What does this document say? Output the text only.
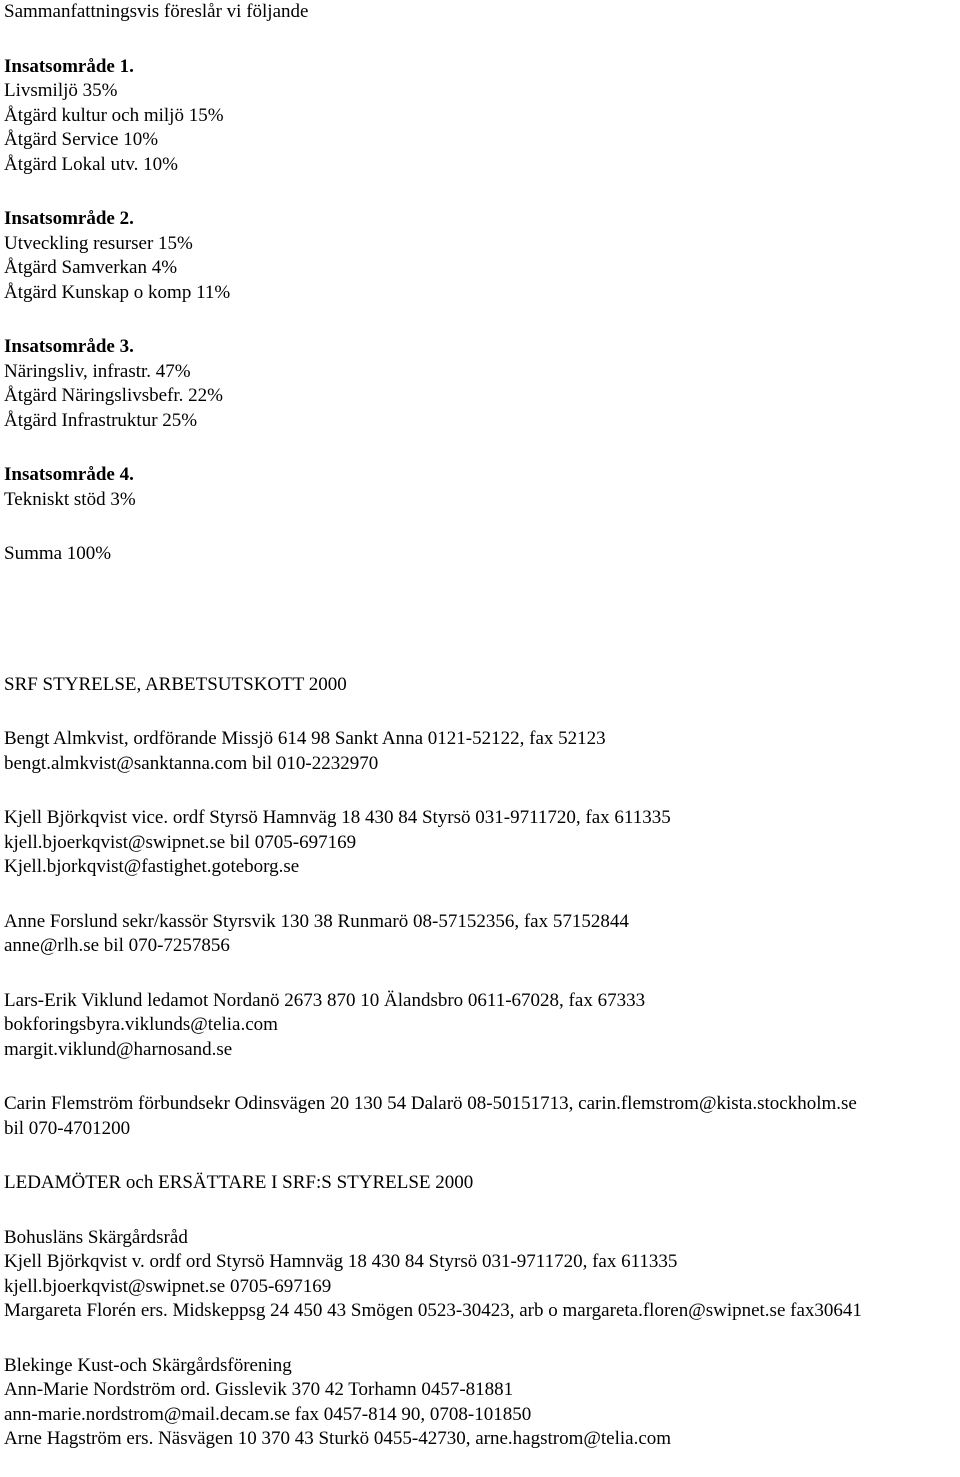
Sammanfattningsvis föreslår vi följande
Insatsområde 1.
Livsmiljö 35%
Åtgärd kultur och miljö 15%
Åtgärd Service 10%
Åtgärd Lokal utv. 10%
Insatsområde 2.
Utveckling resurser 15%
Åtgärd Samverkan 4%
Åtgärd Kunskap o komp 11%
Insatsområde 3.
Näringsliv, infrastr. 47%
Åtgärd Näringslivsbefr. 22%
Åtgärd Infrastruktur 25%
Insatsområde 4.
Tekniskt stöd 3%
Summa 100%
SRF STYRELSE, ARBETSUTSKOTT 2000
Bengt Almkvist, ordförande Missjö 614 98 Sankt Anna 0121-52122, fax 52123
bengt.almkvist@sanktanna.com bil 010-2232970
Kjell Björkqvist vice. ordf Styrsö Hamnväg 18 430 84 Styrsö 031-9711720, fax 611335
kjell.bjoerkqvist@swipnet.se bil 0705-697169
Kjell.bjorkqvist@fastighet.goteborg.se
Anne Forslund sekr/kassör Styrsvik 130 38 Runmarö 08-57152356, fax 57152844
anne@rlh.se bil 070-7257856
Lars-Erik Viklund ledamot Nordanö 2673 870 10 Älandsbro 0611-67028, fax 67333
bokforingsbyra.viklunds@telia.com
margit.viklund@harnosand.se
Carin Flemström förbundsekr Odinsvägen 20 130 54 Dalarö 08-50151713, carin.flemstrom@kista.stockholm.se
bil 070-4701200
LEDAMÖTER och ERSÄTTARE I SRF:S STYRELSE 2000
Bohusläns Skärgårdsråd
Kjell Björkqvist v. ordf ord Styrsö Hamnväg 18 430 84 Styrsö 031-9711720, fax 611335
kjell.bjoerkqvist@swipnet.se 0705-697169
Margareta Florén ers. Midskeppsg 24 450 43 Smögen 0523-30423, arb o margareta.floren@swipnet.se fax30641
Blekinge Kust-och Skärgårdsförening
Ann-Marie Nordström ord. Gisslevik 370 42 Torhamn 0457-81881
ann-marie.nordstrom@mail.decam.se fax 0457-814 90, 0708-101850
Arne Hagström ers. Näsvägen 10 370 43 Sturkö 0455-42730, arne.hagstrom@telia.com
